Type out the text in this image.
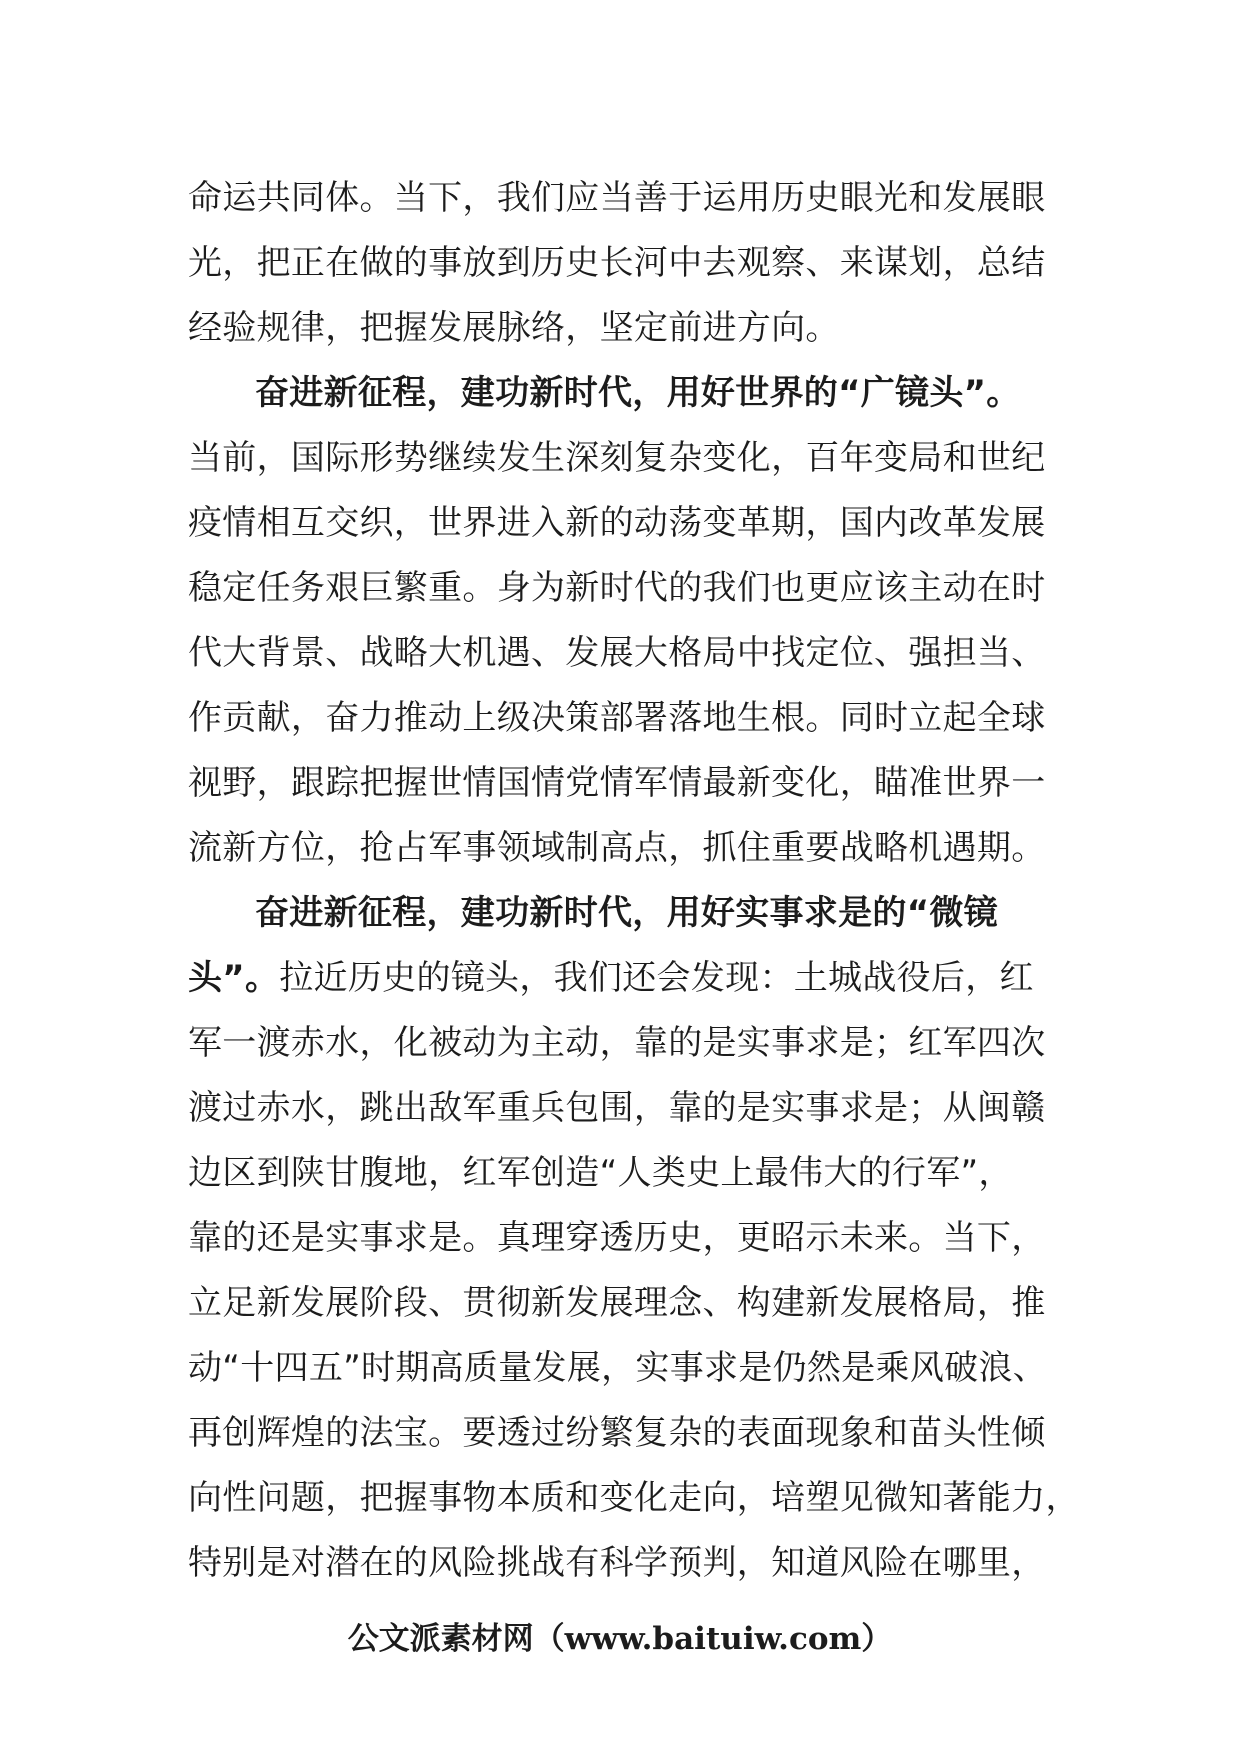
命运共同体。当下，我们应当善于运用历史眼光和发展眼
光，把正在做的事放到历史长河中去观察、来谋划，总结
经验规律，把握发展脉络，坚定前进方向。
奋进新征程，建功新时代，用好世界的“广镜头”。
当前，国际形势继续发生深刻复杂变化，百年变局和世纪
疫情相互交织，世界进入新的动荡变革期，国内改革发展
稳定任务艰巨繁重。身为新时代的我们也更应该主动在时
代大背景、战略大机遇、发展大格局中找定位、强担当、
作贡献，奋力推动上级决策部署落地生根。同时立起全球
视野，跟踪把握世情国情党情军情最新变化，瞄准世界一
流新方位，抢占军事领域制高点，抓住重要战略机遇期。
奋进新征程，建功新时代，用好实事求是的“微镜
头”。拉近历史的镜头，我们还会发现：土城战役后，红
军一渡赤水，化被动为主动，靠的是实事求是；红军四次
渡过赤水，跳出敌军重兵包围，靠的是实事求是；从闽赣
边区到陕甘腹地，红军创造“人类史上最伟大的行军”，
靠的还是实事求是。真理穿透历史，更昭示未来。当下，
立足新发展阶段、贯彻新发展理念、构建新发展格局，推
动“十四五”时期高质量发展，实事求是仍然是乘风破浪、
再创辉煌的法宝。要透过纷繁复杂的表面现象和苗头性倾
向性问题，把握事物本质和变化走向，培塑见微知著能力，
特别是对潜在的风险挑战有科学预判，知道风险在哪里，
公文派素材网（www.baituiw.com）
